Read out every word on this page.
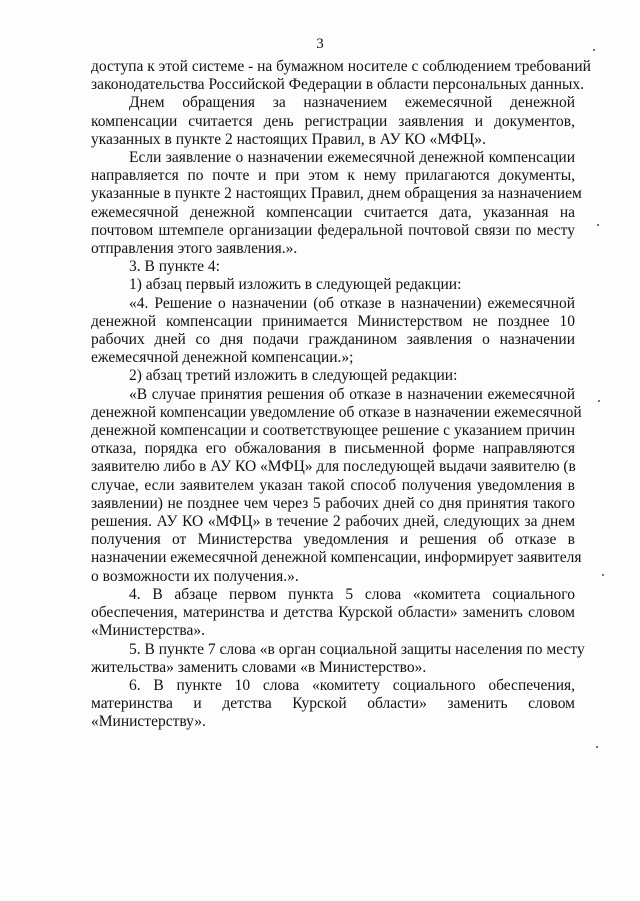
3
доступа к этой системе - на бумажном носителе с соблюдением требований
законодательства Российской Федерации в области персональных данных.
Днем обращения за назначением ежемесячной денежной
компенсации считается день регистрации заявления и документов,
указанных в пункте 2 настоящих Правил, в АУ КО «МФЦ».
Если заявление о назначении ежемесячной денежной компенсации
направляется по почте и при этом к нему прилагаются документы,
указанные в пункте 2 настоящих Правил, днем обращения за назначением
ежемесячной денежной компенсации считается дата, указанная на
почтовом штемпеле организации федеральной почтовой связи по месту
отправления этого заявления.».
3. В пункте 4:
1) абзац первый изложить в следующей редакции:
«4. Решение о назначении (об отказе в назначении) ежемесячной
денежной компенсации принимается Министерством не позднее 10
рабочих дней со дня подачи гражданином заявления о назначении
ежемесячной денежной компенсации.»;
2) абзац третий изложить в следующей редакции:
«В случае принятия решения об отказе в назначении ежемесячной
денежной компенсации уведомление об отказе в назначении ежемесячной
денежной компенсации и соответствующее решение с указанием причин
отказа, порядка его обжалования в письменной форме направляются
заявителю либо в АУ КО «МФЦ» для последующей выдачи заявителю (в
случае, если заявителем указан такой способ получения уведомления в
заявлении) не позднее чем через 5 рабочих дней со дня принятия такого
решения. АУ КО «МФЦ» в течение 2 рабочих дней, следующих за днем
получения от Министерства уведомления и решения об отказе в
назначении ежемесячной денежной компенсации, информирует заявителя
о возможности их получения.».
4. В абзаце первом пункта 5 слова «комитета социального
обеспечения, материнства и детства Курской области» заменить словом
«Министерства».
5. В пункте 7 слова «в орган социальной защиты населения по месту
жительства» заменить словами «в Министерство».
6. В пункте 10 слова «комитету социального обеспечения,
материнства и детства Курской области» заменить словом
«Министерству».
